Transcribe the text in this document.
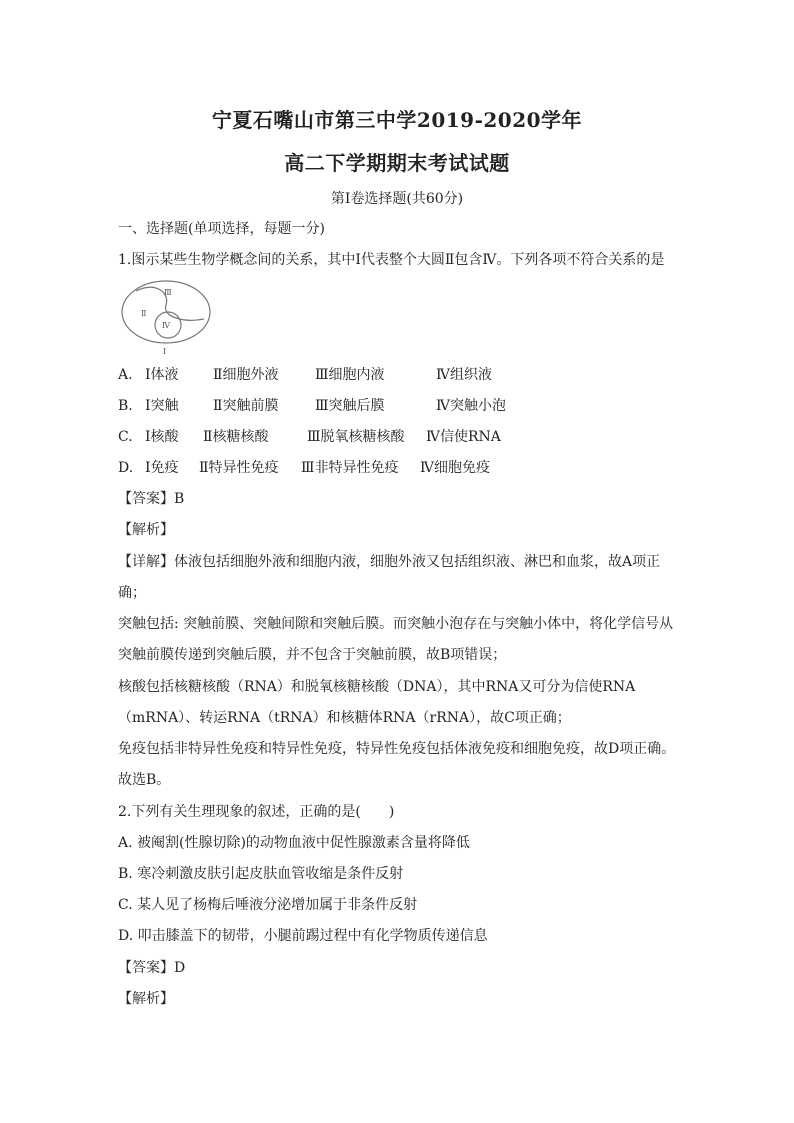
宁夏石嘴山市第三中学2019-2020学年
高二下学期期末考试试题
第I卷选择题(共60分)
一、选择题(单项选择，每题一分)
1.图示某些生物学概念间的关系，其中Ⅰ代表整个大圆Ⅱ包含Ⅳ。下列各项不符合关系的是
Ⅲ
Ⅱ
Ⅳ
Ⅰ
A. Ⅰ体液 Ⅱ细胞外液	Ⅲ细胞内液	Ⅳ组织液
B. Ⅰ突触 Ⅱ突触前膜	Ⅲ突触后膜	Ⅳ突触小泡
C. Ⅰ核酸 Ⅱ核糖核酸	Ⅲ脱氧核糖核酸 Ⅳ信使RNA
D. Ⅰ免疫 Ⅱ特异性免疫 Ⅲ非特异性免疫 Ⅳ细胞免疫
【答案】B
【解析】
【详解】体液包括细胞外液和细胞内液，细胞外液又包括组织液、淋巴和血浆，故A项正
确；
突触包括: 突触前膜、突触间隙和突触后膜。而突触小泡存在与突触小体中，将化学信号从
突触前膜传递到突触后膜，并不包含于突触前膜，故B项错误；
核酸包括核糖核酸（RNA）和脱氧核糖核酸（DNA），其中RNA又可分为信使RNA
（mRNA）、转运RNA（tRNA）和核糖体RNA（rRNA），故C项正确；
免疫包括非特异性免疫和特异性免疫，特异性免疫包括体液免疫和细胞免疫，故D项正确。
故选B。
2.下列有关生理现象的叙述，正确的是(　　)
A. 被阉割(性腺切除)的动物血液中促性腺激素含量将降低
B. 寒冷刺激皮肤引起皮肤血管收缩是条件反射
C. 某人见了杨梅后唾液分泌增加属于非条件反射
D. 叩击膝盖下的韧带，小腿前踢过程中有化学物质传递信息
【答案】D
【解析】
